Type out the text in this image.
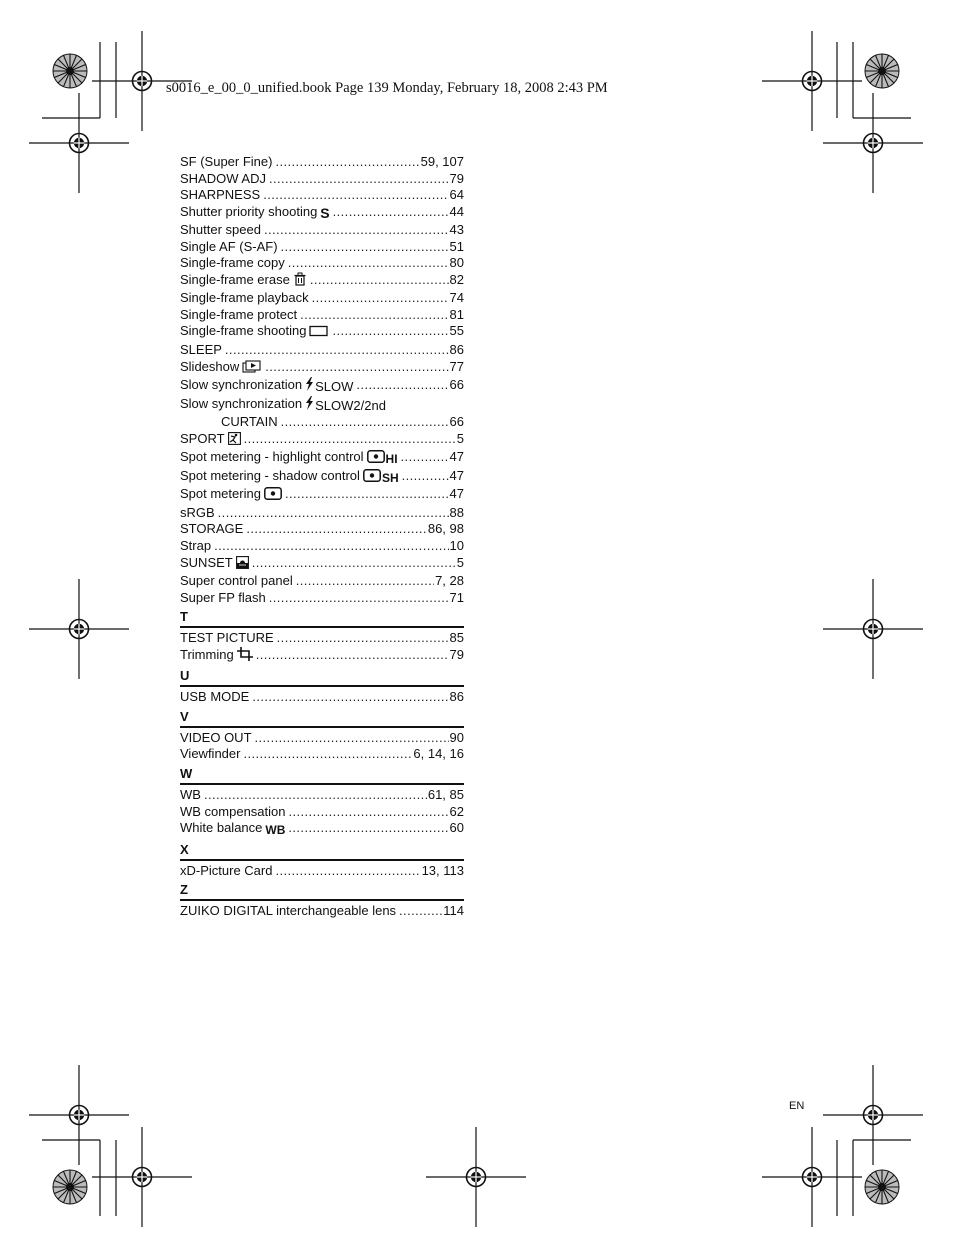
s0016_e_00_0_unified.book Page 139 Monday, February 18, 2008 2:43 PM
SF (Super Fine) .....	59, 107
SHADOW ADJ .....	79
SHARPNESS .....	64
Shutter priority shooting S .....	44
Shutter speed .....	43
Single AF (S-AF) .....	51
Single-frame copy .....	80
Single-frame erase .....	82
Single-frame playback .....	74
Single-frame protect .....	81
Single-frame shooting .....	55
SLEEP .....	86
Slideshow .....	77
Slow synchronization SLOW .....	66
Slow synchronization SLOW2/2nd
CURTAIN .....	66
SPORT .....	5
Spot metering - highlight control HI .....	47
Spot metering - shadow control SH .....	47
Spot metering .....	47
sRGB .....	88
STORAGE .....	86, 98
Strap .....	10
SUNSET .....	5
Super control panel .....	7, 28
Super FP flash .....	71
T
TEST PICTURE .....	85
Trimming .....	79
U
USB MODE .....	86
V
VIDEO OUT .....	90
Viewfinder .....	6, 14, 16
W
WB .....	61, 85
WB compensation .....	62
White balance WB .....	60
X
xD-Picture Card .....	13, 113
Z
ZUIKO DIGITAL interchangeable lens .....	114
EN
